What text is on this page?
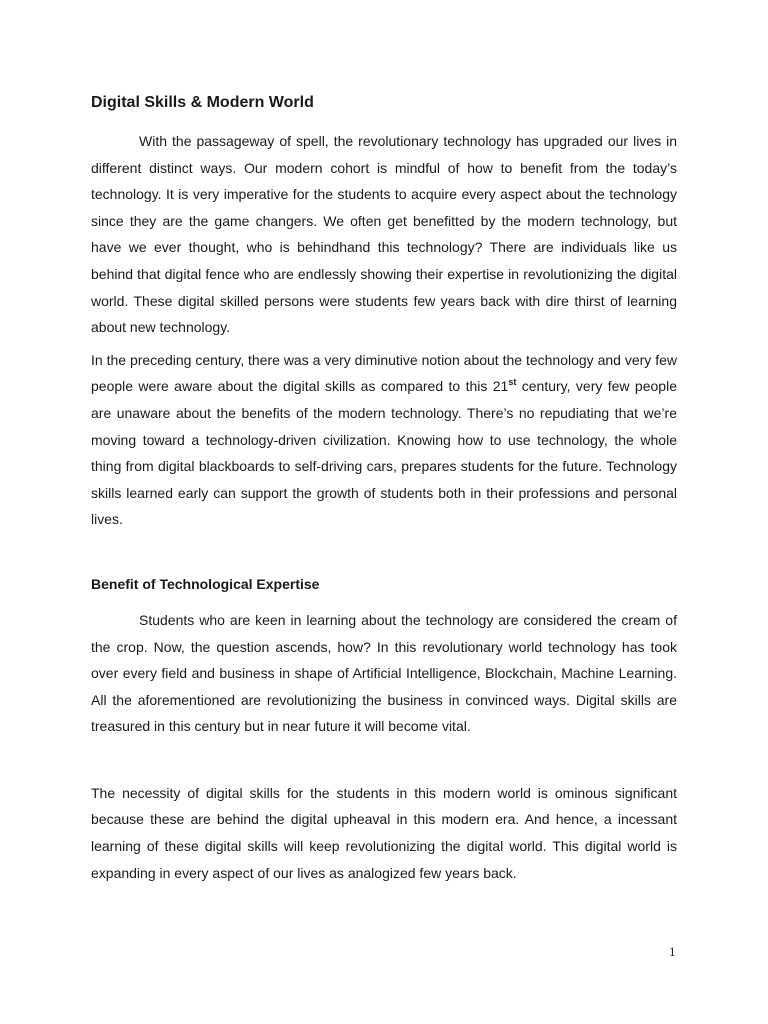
Digital Skills & Modern World

With the passageway of spell, the revolutionary technology has upgraded our lives in different distinct ways. Our modern cohort is mindful of how to benefit from the today’s technology. It is very imperative for the students to acquire every aspect about the technology since they are the game changers. We often get benefitted by the modern technology, but have we ever thought, who is behindhand this technology? There are individuals like us behind that digital fence who are endlessly showing their expertise in revolutionizing the digital world. These digital skilled persons were students few years back with dire thirst of learning about new technology.

In the preceding century, there was a very diminutive notion about the technology and very few people were aware about the digital skills as compared to this 21st century, very few people are unaware about the benefits of the modern technology. There’s no repudiating that we’re moving toward a technology-driven civilization. Knowing how to use technology, the whole thing from digital blackboards to self-driving cars, prepares students for the future. Technology skills learned early can support the growth of students both in their professions and personal lives.

Benefit of Technological Expertise

Students who are keen in learning about the technology are considered the cream of the crop. Now, the question ascends, how? In this revolutionary world technology has took over every field and business in shape of Artificial Intelligence, Blockchain, Machine Learning. All the aforementioned are revolutionizing the business in convinced ways. Digital skills are treasured in this century but in near future it will become vital.

The necessity of digital skills for the students in this modern world is ominous significant because these are behind the digital upheaval in this modern era. And hence, a incessant learning of these digital skills will keep revolutionizing the digital world. This digital world is expanding in every aspect of our lives as analogized few years back.

1
